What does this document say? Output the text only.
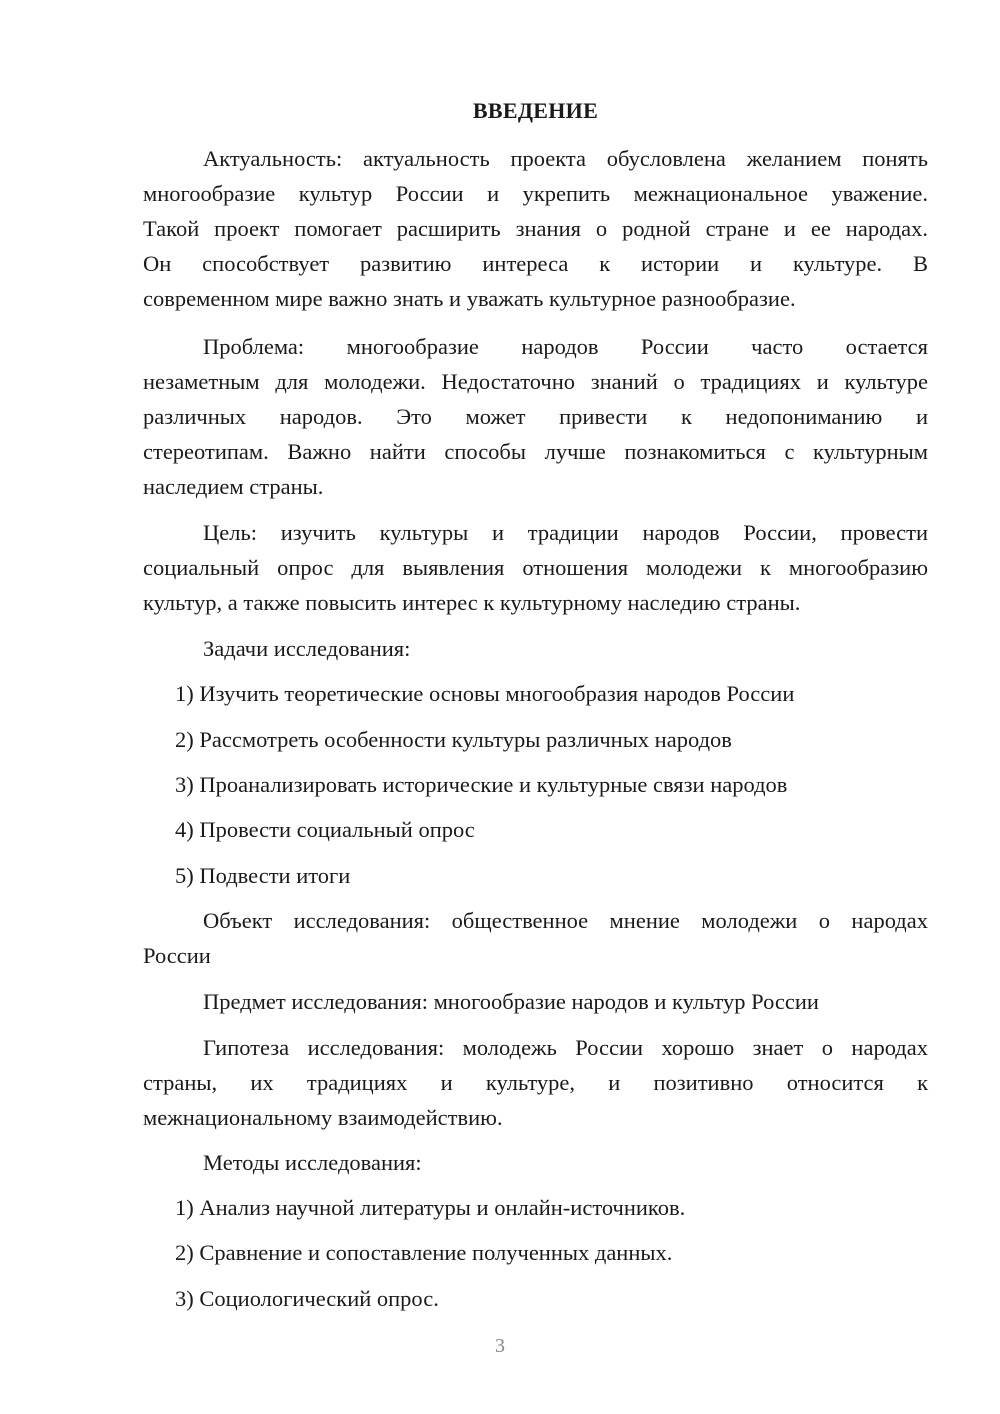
ВВЕДЕНИЕ
Актуальность: актуальность проекта обусловлена желанием понять
многообразие культур России и укрепить межнациональное уважение.
Такой проект помогает расширить знания о родной стране и ее народах.
Он способствует развитию интереса к истории и культуре. В
современном мире важно знать и уважать культурное разнообразие.
Проблема: многообразие народов России часто остается
незаметным для молодежи. Недостаточно знаний о традициях и культуре
различных народов. Это может привести к недопониманию и
стереотипам. Важно найти способы лучше познакомиться с культурным
наследием страны.
Цель: изучить культуры и традиции народов России, провести
социальный опрос для выявления отношения молодежи к многообразию
культур, а также повысить интерес к культурному наследию страны.
Задачи исследования:
1) Изучить теоретические основы многообразия народов России
2) Рассмотреть особенности культуры различных народов
3) Проанализировать исторические и культурные связи народов
4) Провести социальный опрос
5) Подвести итоги
Объект исследования: общественное мнение молодежи о народах
России
Предмет исследования: многообразие народов и культур России
Гипотеза исследования: молодежь России хорошо знает о народах
страны, их традициях и культуре, и позитивно относится к
межнациональному взаимодействию.
Методы исследования:
1) Анализ научной литературы и онлайн-источников.
2) Сравнение и сопоставление полученных данных.
3) Социологический опрос.
3
